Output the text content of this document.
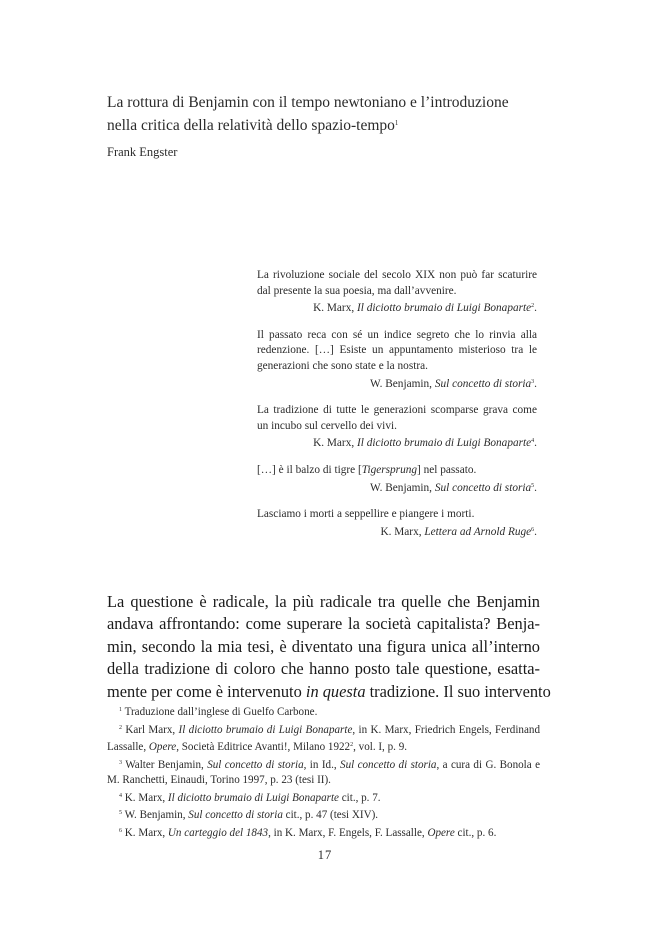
La rottura di Benjamin con il tempo newtoniano e l’introduzione
nella critica della relatività dello spazio-tempo$^1$
Frank Engster
La rivoluzione sociale del secolo XIX non può far scaturire dal presente la sua poesia, ma dall’avvenire.
K. Marx, Il diciotto brumaio di Luigi Bonaparte$^2$.
Il passato reca con sé un indice segreto che lo rinvia alla redenzione. […] Esiste un appuntamento misterioso tra le generazioni che sono state e la nostra.
W. Benjamin, Sul concetto di storia$^3$.
La tradizione di tutte le generazioni scomparse grava come un incubo sul cervello dei vivi.
K. Marx, Il diciotto brumaio di Luigi Bonaparte$^4$.
[…] è il balzo di tigre [Tigersprung] nel passato.
W. Benjamin, Sul concetto di storia$^5$.
Lasciamo i morti a seppellire e piangere i morti.
K. Marx, Lettera ad Arnold Ruge$^6$.
La questione è radicale, la più radicale tra quelle che Benjamin
andava affrontando: come superare la società capitalista? Benja-
min, secondo la mia tesi, è diventato una figura unica all’interno
della tradizione di coloro che hanno posto tale questione, esatta-
mente per come è intervenuto in questa tradizione. Il suo intervento
$^1$ Traduzione dall’inglese di Guelfo Carbone.
$^2$ Karl Marx, Il diciotto brumaio di Luigi Bonaparte, in K. Marx, Friedrich Engels, Ferdinand Lassalle, Opere, Società Editrice Avanti!, Milano 1922$^2$, vol. I, p. 9.
$^3$ Walter Benjamin, Sul concetto di storia, in Id., Sul concetto di storia, a cura di G. Bonola e M. Ranchetti, Einaudi, Torino 1997, p. 23 (tesi II).
$^4$ K. Marx, Il diciotto brumaio di Luigi Bonaparte cit., p. 7.
$^5$ W. Benjamin, Sul concetto di storia cit., p. 47 (tesi XIV).
$^6$ K. Marx, Un carteggio del 1843, in K. Marx, F. Engels, F. Lassalle, Opere cit., p. 6.
17
